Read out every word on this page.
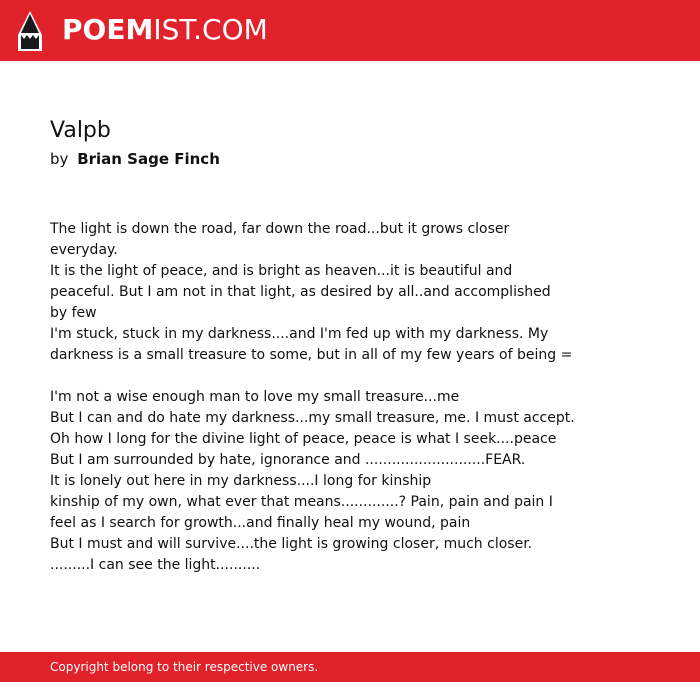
POEMIST.COM
Valpb
by Brian Sage Finch
The light is down the road, far down the road...but it grows closer
everyday.
It is the light of peace, and is bright as heaven...it is beautiful and
peaceful. But I am not in that light, as desired by all..and accomplished
by few
I'm stuck, stuck in my darkness....and I'm fed up with my darkness. My
darkness is a small treasure to some, but in all of my few years of being =
I'm not a wise enough man to love my small treasure...me
But I can and do hate my darkness...my small treasure, me. I must accept.
Oh how I long for the divine light of peace, peace is what I seek....peace
But I am surrounded by hate, ignorance and ...........................FEAR.
It is lonely out here in my darkness....I long for kinship
kinship of my own, what ever that means.............? Pain, pain and pain I
feel as I search for growth...and finally heal my wound, pain
But I must and will survive....the light is growing closer, much closer.
.........I can see the light..........
Copyright belong to their respective owners.
